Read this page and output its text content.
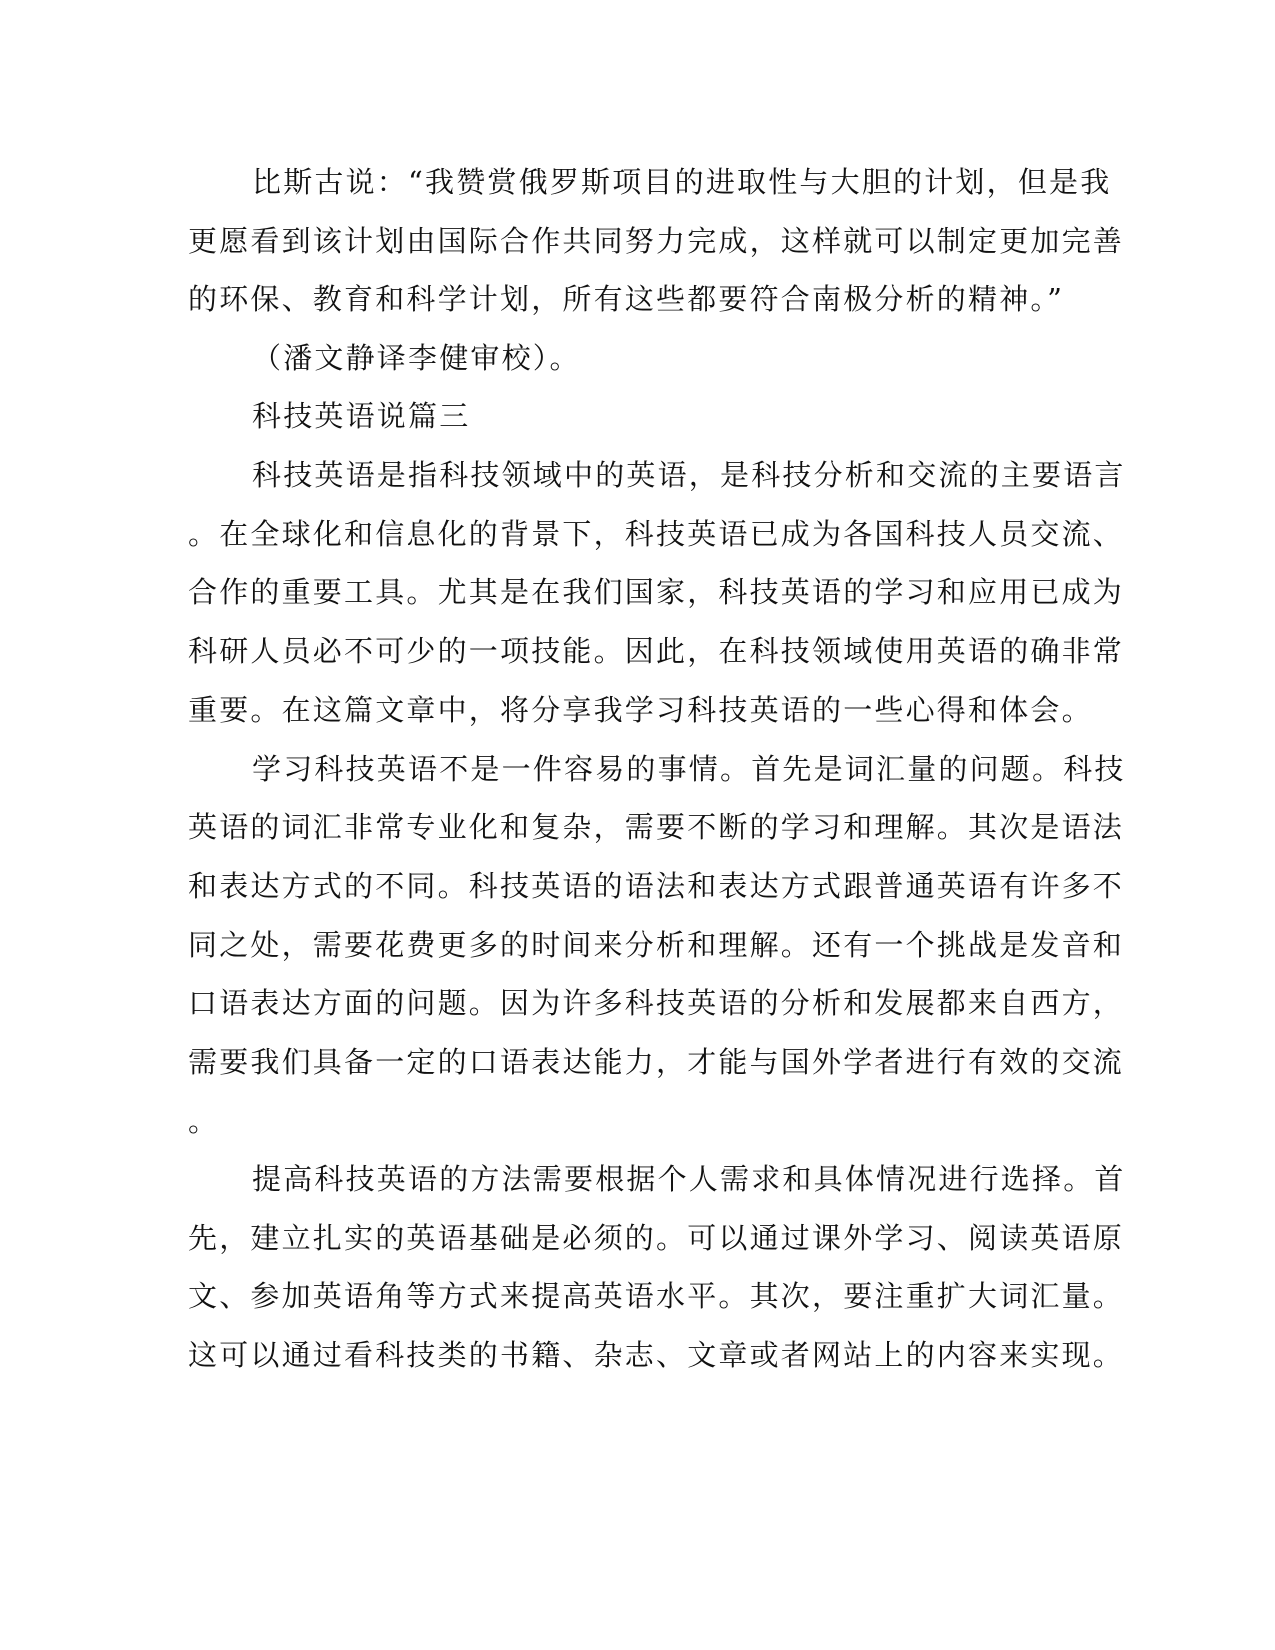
比斯古说：“我赞赏俄罗斯项目的进取性与大胆的计划，但是我
更愿看到该计划由国际合作共同努力完成，这样就可以制定更加完善
的环保、教育和科学计划，所有这些都要符合南极分析的精神。”
（潘文静译李健审校）。
科技英语说篇三
科技英语是指科技领域中的英语，是科技分析和交流的主要语言
。在全球化和信息化的背景下，科技英语已成为各国科技人员交流、
合作的重要工具。尤其是在我们国家，科技英语的学习和应用已成为
科研人员必不可少的一项技能。因此，在科技领域使用英语的确非常
重要。在这篇文章中，将分享我学习科技英语的一些心得和体会。
学习科技英语不是一件容易的事情。首先是词汇量的问题。科技
英语的词汇非常专业化和复杂，需要不断的学习和理解。其次是语法
和表达方式的不同。科技英语的语法和表达方式跟普通英语有许多不
同之处，需要花费更多的时间来分析和理解。还有一个挑战是发音和
口语表达方面的问题。因为许多科技英语的分析和发展都来自西方，
需要我们具备一定的口语表达能力，才能与国外学者进行有效的交流
。
提高科技英语的方法需要根据个人需求和具体情况进行选择。首
先，建立扎实的英语基础是必须的。可以通过课外学习、阅读英语原
文、参加英语角等方式来提高英语水平。其次，要注重扩大词汇量。
这可以通过看科技类的书籍、杂志、文章或者网站上的内容来实现。
